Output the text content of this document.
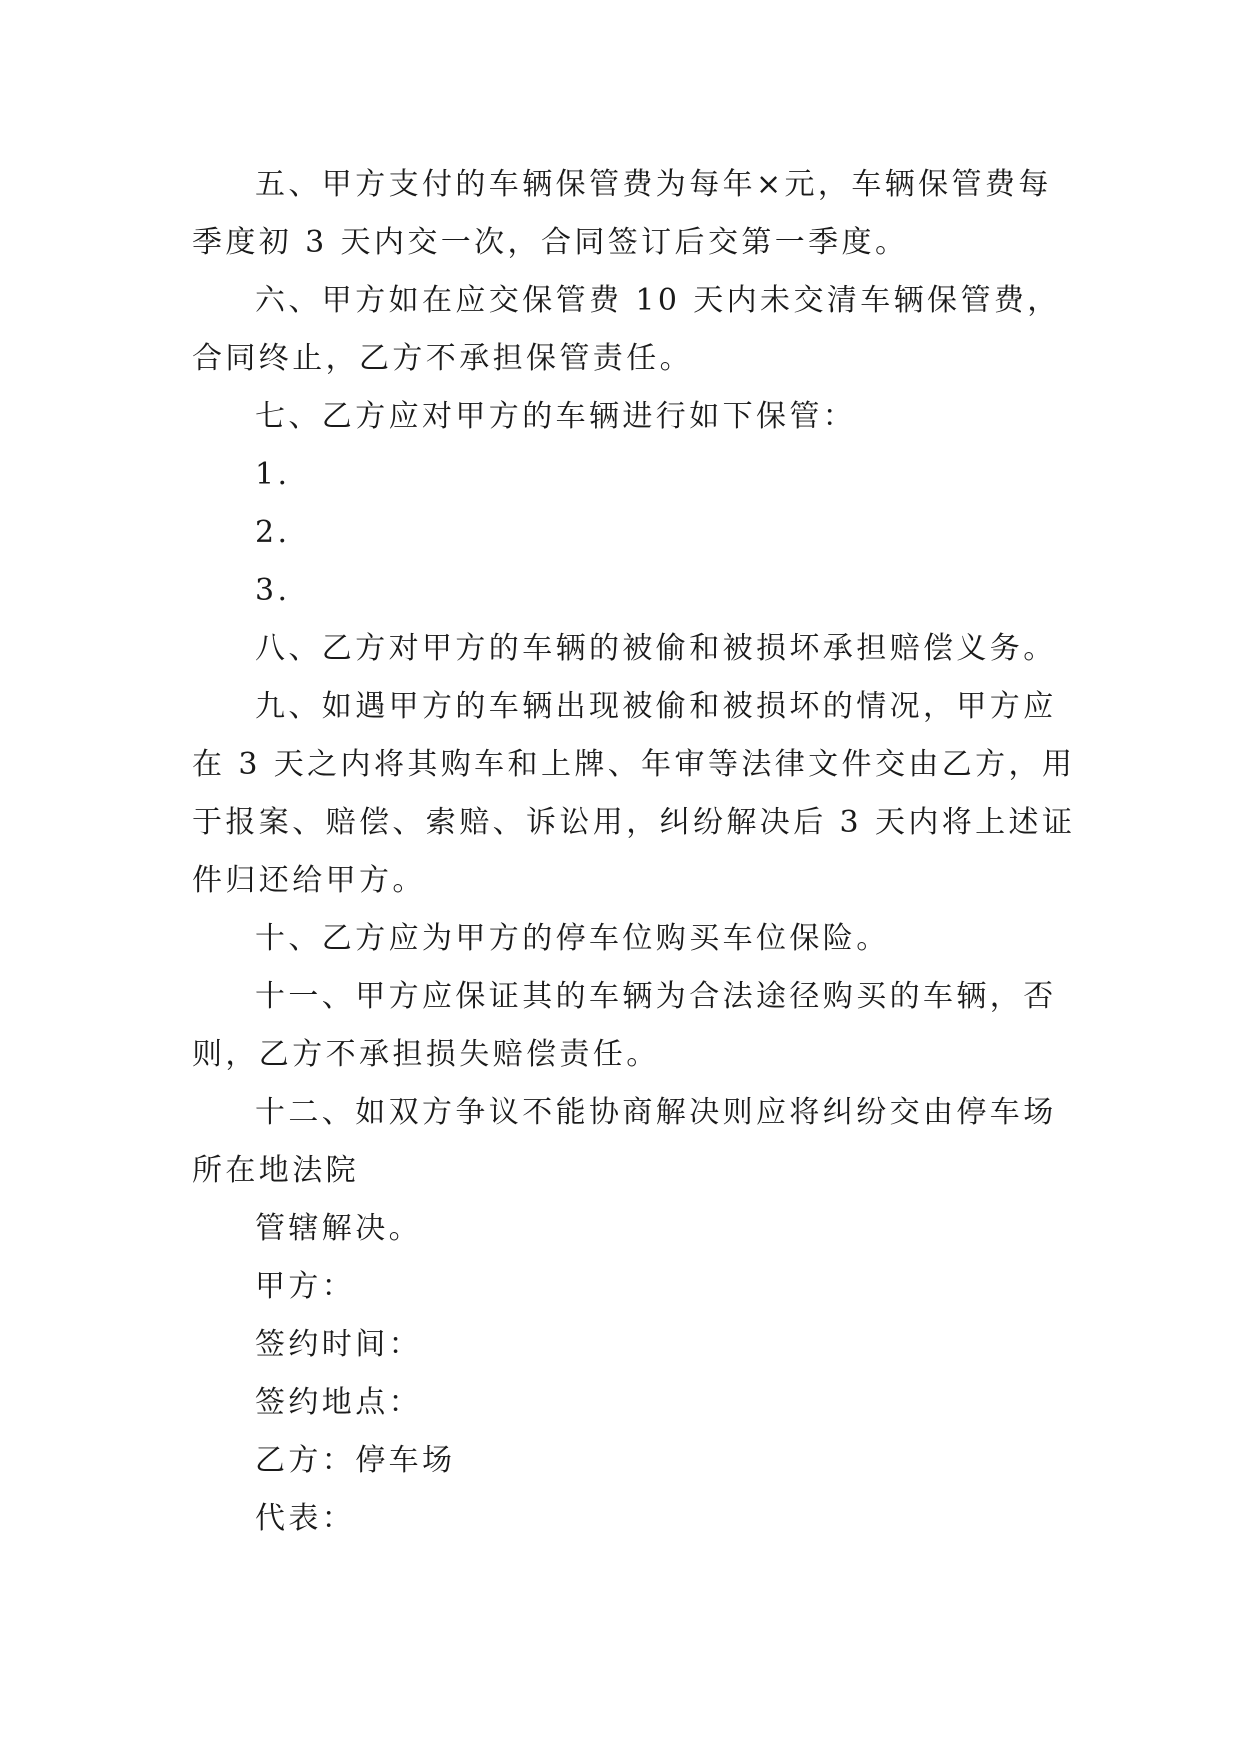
五、甲方支付的车辆保管费为每年×元，车辆保管费每
季度初 3 天内交一次，合同签订后交第一季度。
六、甲方如在应交保管费 10 天内未交清车辆保管费，
合同终止，乙方不承担保管责任。
七、乙方应对甲方的车辆进行如下保管：
1.
2.
3.
八、乙方对甲方的车辆的被偷和被损坏承担赔偿义务。
九、如遇甲方的车辆出现被偷和被损坏的情况，甲方应
在 3 天之内将其购车和上牌、年审等法律文件交由乙方，用
于报案、赔偿、索赔、诉讼用，纠纷解决后 3 天内将上述证
件归还给甲方。
十、乙方应为甲方的停车位购买车位保险。
十一、甲方应保证其的车辆为合法途径购买的车辆，否
则，乙方不承担损失赔偿责任。
十二、如双方争议不能协商解决则应将纠纷交由停车场
所在地法院
管辖解决。
甲方：
签约时间：
签约地点：
乙方：停车场
代表：
